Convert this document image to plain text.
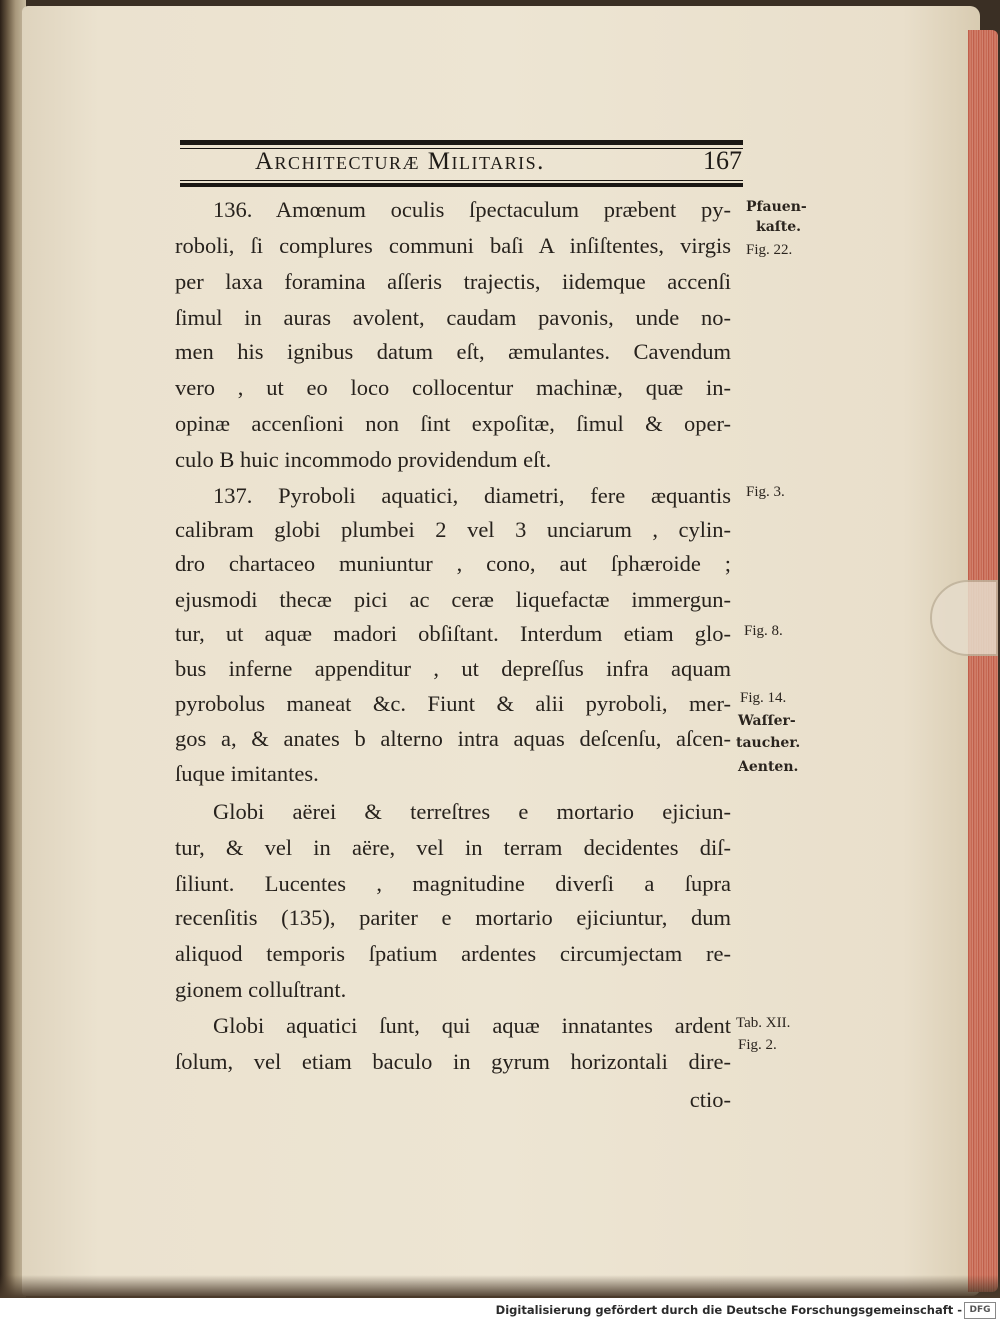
Architecturæ Militaris.	167
136. Amœnum oculis ſpectaculum præbent py-
roboli, ſi complures communi baſi A inſiſtentes, virgis
per laxa foramina aſſeris trajectis, iidemque accenſi
ſimul in auras avolent, caudam pavonis, unde no-
men his ignibus datum eſt, æmulantes. Cavendum
vero , ut eo loco collocentur machinæ, quæ in-
opinæ accenſioni non ſint expoſitæ, ſimul & oper-
culo B huic incommodo providendum eſt.
137. Pyroboli aquatici, diametri, fere æquantis
calibram globi plumbei 2 vel 3 unciarum , cylin-
dro chartaceo muniuntur , cono, aut ſphæroide ;
ejusmodi thecæ pici ac ceræ liquefactæ immergun-
tur, ut aquæ madori obſiſtant. Interdum etiam glo-
bus inferne appenditur , ut depreſſus infra aquam
pyrobolus maneat &c. Fiunt & alii pyroboli, mer-
gos a, & anates b alterno intra aquas deſcenſu, aſcen-
ſuque imitantes.
Globi aërei & terreſtres e mortario ejiciun-
tur, & vel in aëre, vel in terram decidentes diſ-
ſiliunt. Lucentes , magnitudine diverſi a ſupra
recenſitis (135), pariter e mortario ejiciuntur, dum
aliquod temporis ſpatium ardentes circumjectam re-
gionem colluſtrant.
Globi aquatici ſunt, qui aquæ innatantes ardent
ſolum, vel etiam baculo in gyrum horizontali dire-
ctio-
Pfauen-
kaſte.
Fig. 22.
Fig. 3.
Fig. 8.
Fig. 14.
Waſſer-
taucher.
Aenten.
Tab. XII.
Fig. 2.
Digitalisierung gefördert durch die Deutsche Forschungsgemeinschaft - DFG
